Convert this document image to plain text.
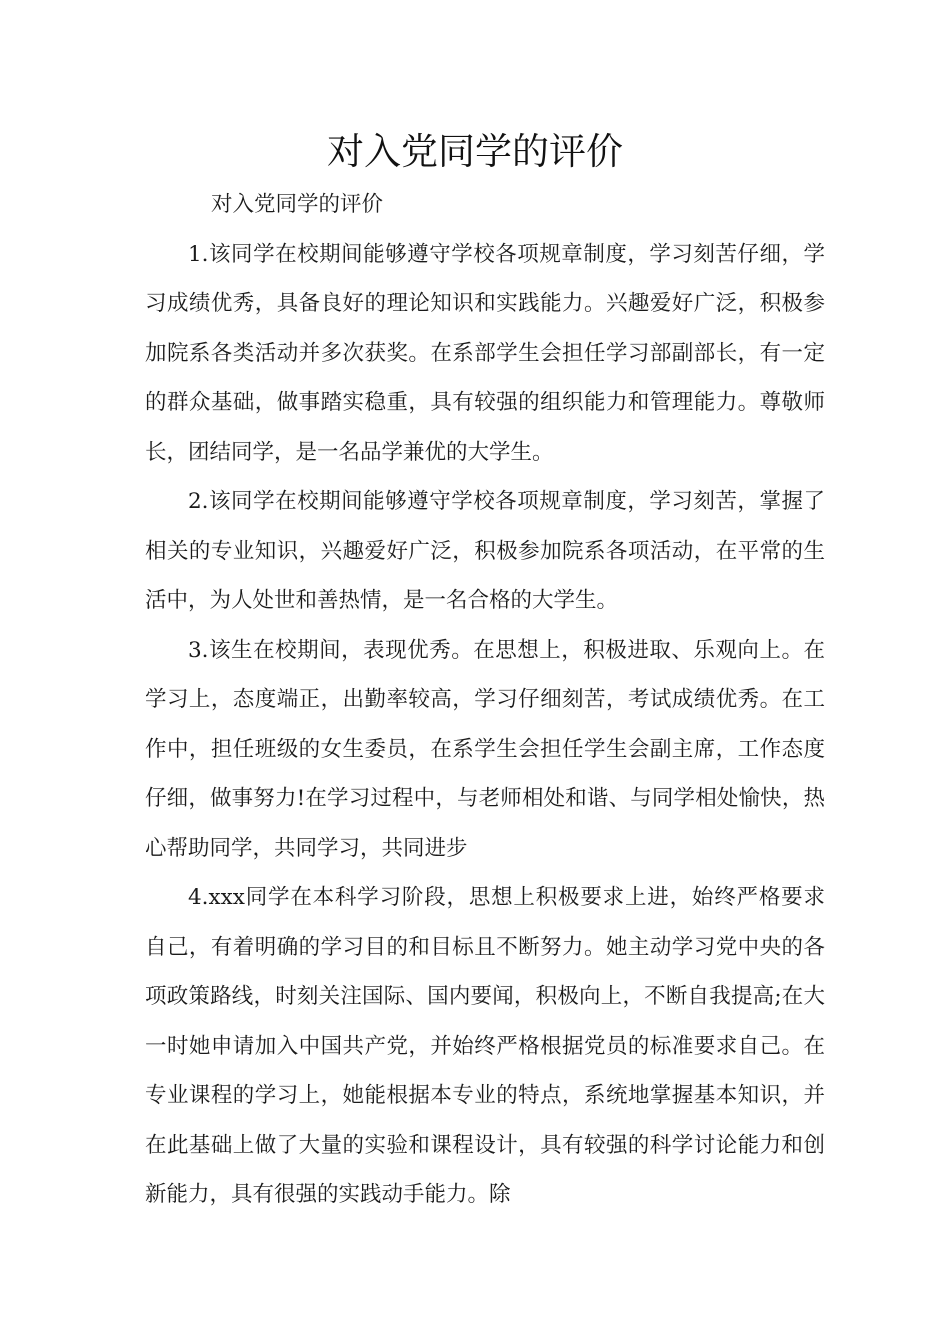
对入党同学的评价

对入党同学的评价

1.该同学在校期间能够遵守学校各项规章制度，学习刻苦仔细，学习成绩优秀，具备良好的理论知识和实践能力。兴趣爱好广泛，积极参加院系各类活动并多次获奖。在系部学生会担任学习部副部长，有一定的群众基础，做事踏实稳重，具有较强的组织能力和管理能力。尊敬师长，团结同学，是一名品学兼优的大学生。

2.该同学在校期间能够遵守学校各项规章制度，学习刻苦，掌握了相关的专业知识，兴趣爱好广泛，积极参加院系各项活动，在平常的生活中，为人处世和善热情，是一名合格的大学生。

3.该生在校期间，表现优秀。在思想上，积极进取、乐观向上。在学习上，态度端正，出勤率较高，学习仔细刻苦，考试成绩优秀。在工作中，担任班级的女生委员，在系学生会担任学生会副主席，工作态度仔细，做事努力!在学习过程中，与老师相处和谐、与同学相处愉快，热心帮助同学，共同学习，共同进步

4.xxx同学在本科学习阶段，思想上积极要求上进，始终严格要求自己，有着明确的学习目的和目标且不断努力。她主动学习党中央的各项政策路线，时刻关注国际、国内要闻，积极向上，不断自我提高;在大一时她申请加入中国共产党，并始终严格根据党员的标准要求自己。在专业课程的学习上，她能根据本专业的特点，系统地掌握基本知识，并在此基础上做了大量的实验和课程设计，具有较强的科学讨论能力和创新能力，具有很强的实践动手能力。除
